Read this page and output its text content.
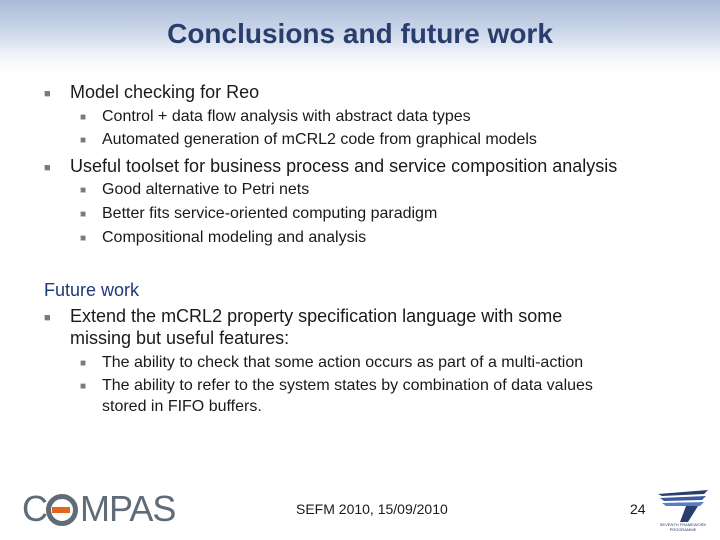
Conclusions and future work
■ Model checking for Reo
■ Control + data flow analysis with abstract data types
■ Automated generation of mCRL2 code from graphical models
■ Useful toolset for business process and service composition analysis
■ Good alternative to Petri nets
■ Better fits service-oriented computing paradigm
■ Compositional modeling and analysis
Future work
■ Extend the mCRL2 property specification language with some
missing but useful features:
■ The ability to check that some action occurs as part of a multi-action
■ The ability to refer to the system states by combination of data values
stored in FIFO buffers.
C MPAS	SEFM 2010, 15/09/2010	24
SEVENTH FRAMEWORK
PROGRAMME
